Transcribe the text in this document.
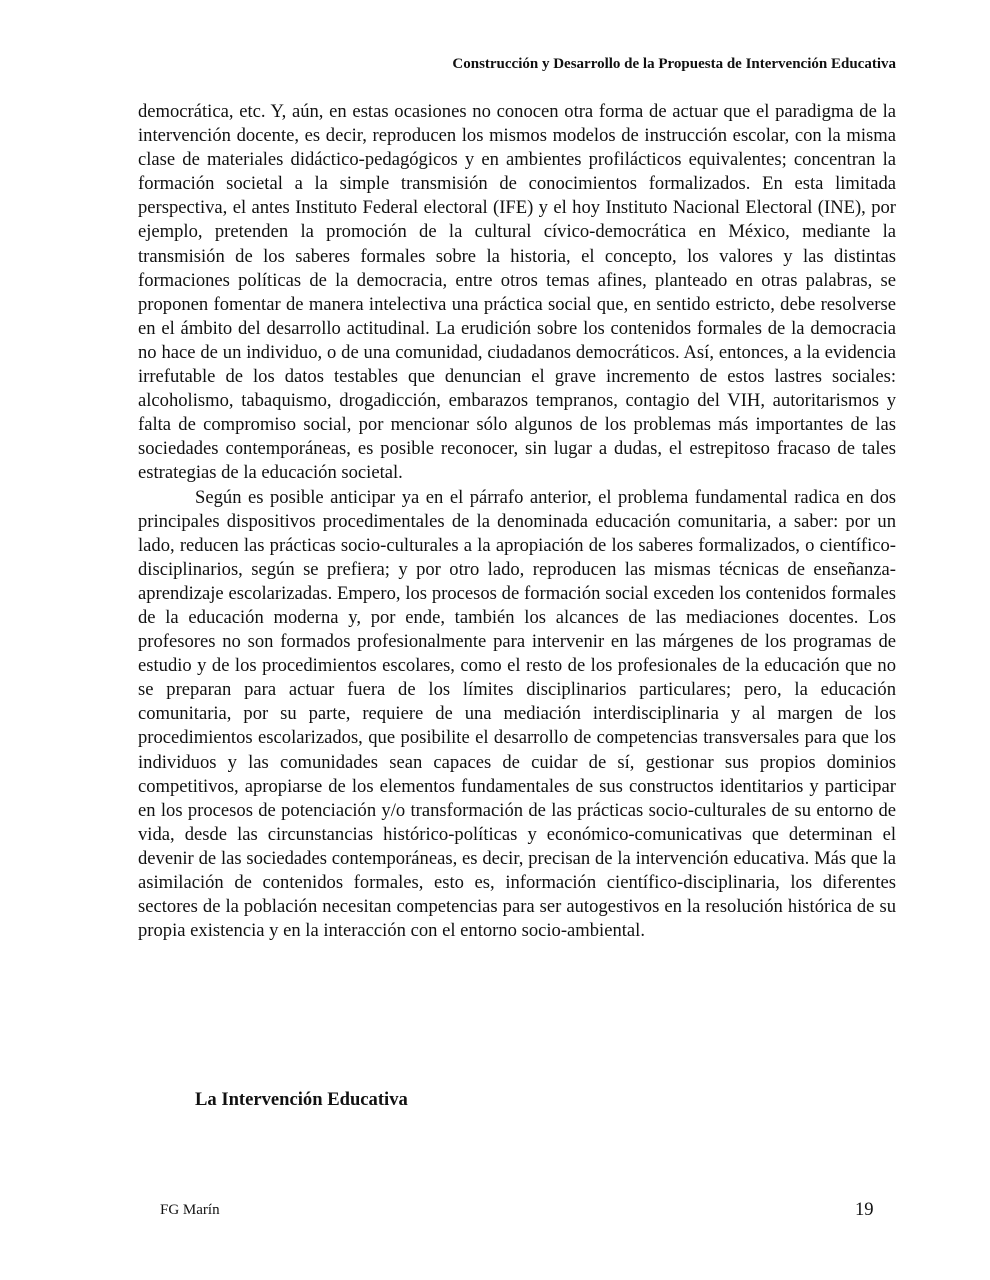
Construcción y Desarrollo de la Propuesta de Intervención Educativa

democrática, etc. Y, aún, en estas ocasiones no conocen otra forma de actuar que el paradigma de la intervención docente, es decir, reproducen los mismos modelos de instrucción escolar, con la misma clase de materiales didáctico-pedagógicos y en ambientes profilácticos equivalentes; concentran la formación societal a la simple transmisión de conocimientos formalizados. En esta limitada perspectiva, el antes Instituto Federal electoral (IFE) y el hoy Instituto Nacional Electoral (INE), por ejemplo, pretenden la promoción de la cultural cívico-democrática en México, mediante la transmisión de los saberes formales sobre la historia, el concepto, los valores y las distintas formaciones políticas de la democracia, entre otros temas afines, planteado en otras palabras, se proponen fomentar de manera intelectiva una práctica social que, en sentido estricto, debe resolverse en el ámbito del desarrollo actitudinal. La erudición sobre los contenidos formales de la democracia no hace de un individuo, o de una comunidad, ciudadanos democráticos. Así, entonces, a la evidencia irrefutable de los datos testables que denuncian el grave incremento de estos lastres sociales: alcoholismo, tabaquismo, drogadicción, embarazos tempranos, contagio del VIH, autoritarismos y falta de compromiso social, por mencionar sólo algunos de los problemas más importantes de las sociedades contemporáneas, es posible reconocer, sin lugar a dudas, el estrepitoso fracaso de tales estrategias de la educación societal.

Según es posible anticipar ya en el párrafo anterior, el problema fundamental radica en dos principales dispositivos procedimentales de la denominada educación comunitaria, a saber: por un lado, reducen las prácticas socio-culturales a la apropiación de los saberes formalizados, o científico-disciplinarios, según se prefiera; y por otro lado, reproducen las mismas técnicas de enseñanza-aprendizaje escolarizadas. Empero, los procesos de formación social exceden los contenidos formales de la educación moderna y, por ende, también los alcances de las mediaciones docentes. Los profesores no son formados profesionalmente para intervenir en las márgenes de los programas de estudio y de los procedimientos escolares, como el resto de los profesionales de la educación que no se preparan para actuar fuera de los límites disciplinarios particulares; pero, la educación comunitaria, por su parte, requiere de una mediación interdisciplinaria y al margen de los procedimientos escolarizados, que posibilite el desarrollo de competencias transversales para que los individuos y las comunidades sean capaces de cuidar de sí, gestionar sus propios dominios competitivos, apropiarse de los elementos fundamentales de sus constructos identitarios y participar en los procesos de potenciación y/o transformación de las prácticas socio-culturales de su entorno de vida, desde las circunstancias histórico-políticas y económico-comunicativas que determinan el devenir de las sociedades contemporáneas, es decir, precisan de la intervención educativa. Más que la asimilación de contenidos formales, esto es, información científico-disciplinaria, los diferentes sectores de la población necesitan competencias para ser autogestivos en la resolución histórica de su propia existencia y en la interacción con el entorno socio-ambiental.

La Intervención Educativa
FG Marín	19
